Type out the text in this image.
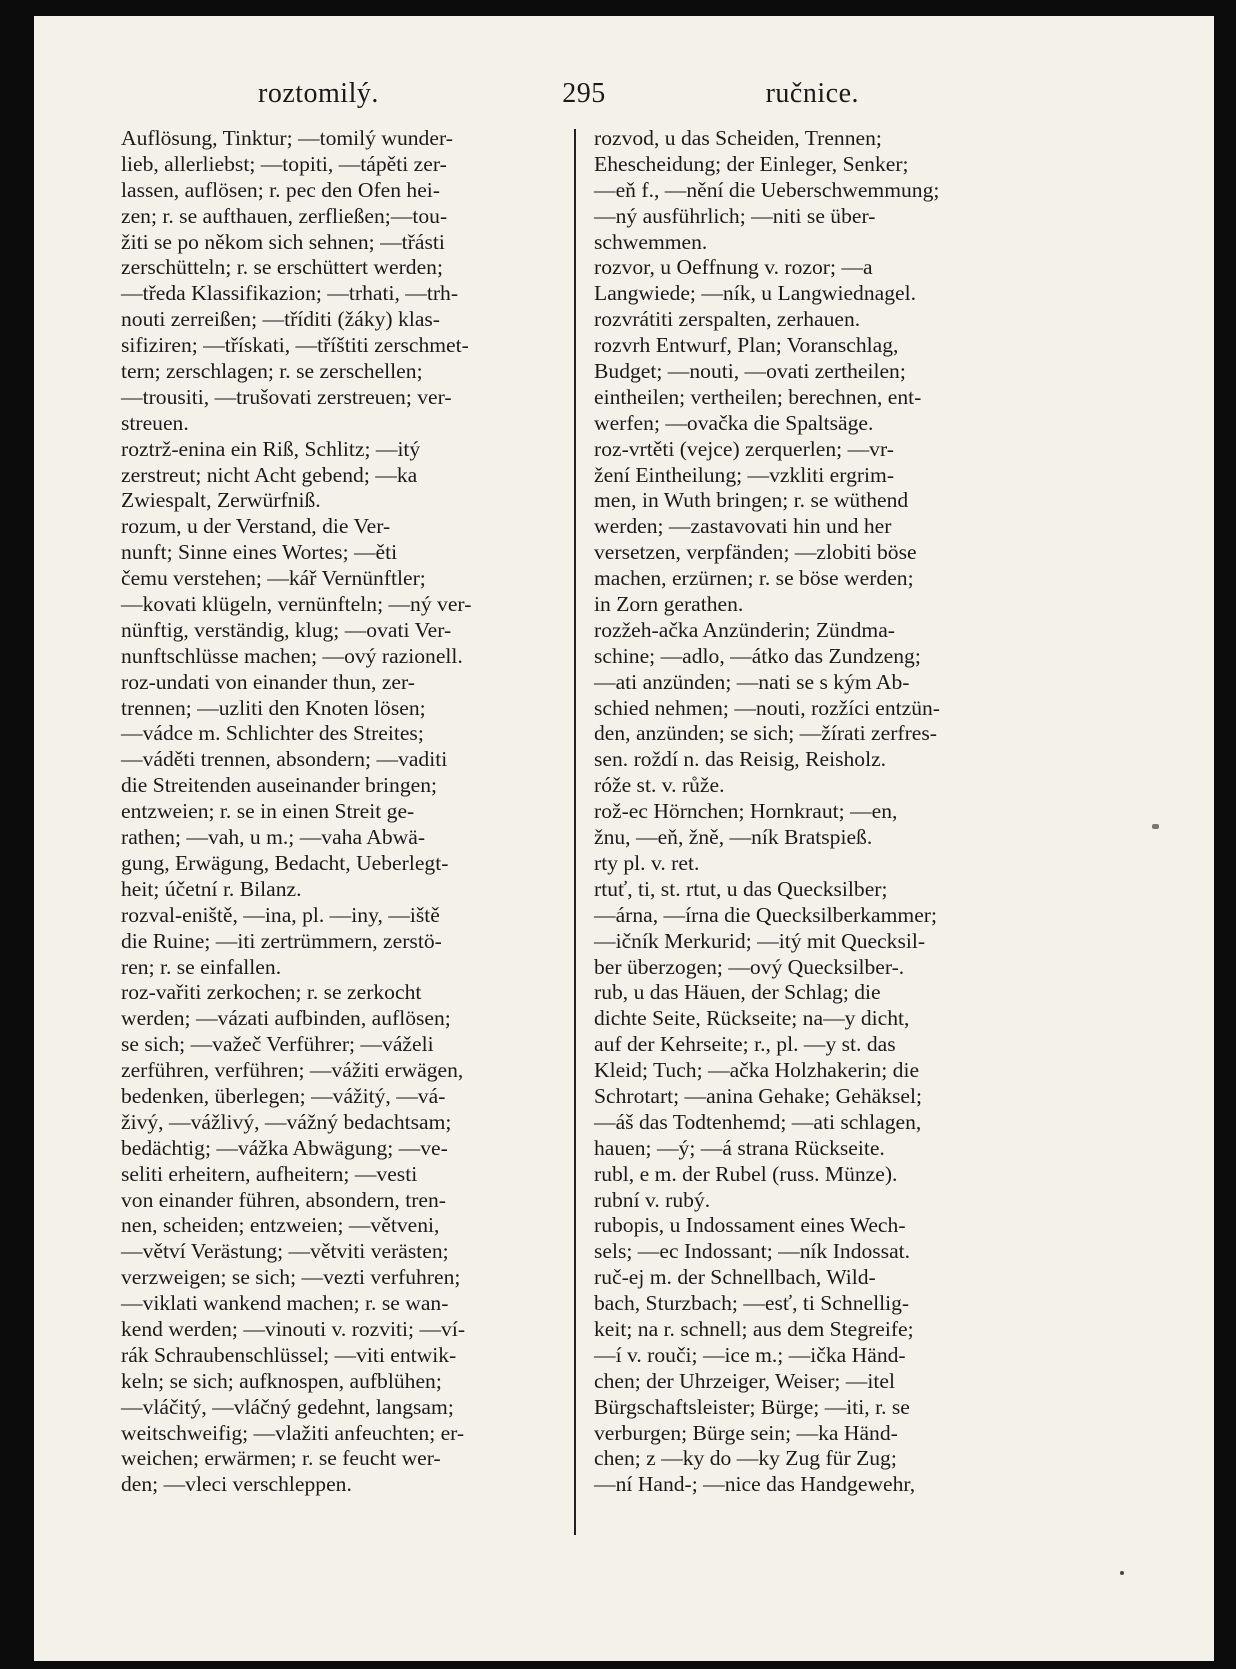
roztomilý.	295	ručnice.
Auflösung, Tinktur; —tomilý wunder-
lieb, allerliebst; —topiti, —tápěti zer-
lassen, auflösen; r. pec den Ofen hei-
zen; r. se aufthauen, zerfließen;—tou-
žiti se po někom sich sehnen; —třásti
zerschütteln; r. se erschüttert werden;
—tředa Klassifikazion; —trhati, —trh-
nouti zerreißen; —tříditi (žáky) klas-
sifiziren; —třískati, —tříštiti zerschmet-
tern; zerschlagen; r. se zerschellen;
—trousiti, —trušovati zerstreuen; ver-
streuen.
roztrž-enina ein Riß, Schlitz; —itý
zerstreut; nicht Acht gebend; —ka
Zwiespalt, Zerwürfniß.
rozum, u der Verstand, die Ver-
nunft; Sinne eines Wortes; —ěti
čemu verstehen; —kář Vernünftler;
—kovati klügeln, vernünfteln; —ný ver-
nünftig, verständig, klug; —ovati Ver-
nunftschlüsse machen; —ový razionell.
roz-undati von einander thun, zer-
trennen; —uzliti den Knoten lösen;
—vádce m. Schlichter des Streites;
—váděti trennen, absondern; —vaditi
die Streitenden auseinander bringen;
entzweien; r. se in einen Streit ge-
rathen; —vah, u m.; —vaha Abwä-
gung, Erwägung, Bedacht, Ueberlegt-
heit; účetní r. Bilanz.
rozval-eniště, —ina, pl. —iny, —iště
die Ruine; —iti zertrümmern, zerstö-
ren; r. se einfallen.
roz-vařiti zerkochen; r. se zerkocht
werden; —vázati aufbinden, auflösen;
se sich; —važeč Verführer; —váželi
zerführen, verführen; —vážiti erwägen,
bedenken, überlegen; —vážitý, —vá-
živý, —vážlivý, —vážný bedachtsam;
bedächtig; —vážka Abwägung; —ve-
seliti erheitern, aufheitern; —vesti
von einander führen, absondern, tren-
nen, scheiden; entzweien; —větveni,
—větví Verästung; —větviti verästen;
verzweigen; se sich; —vezti verfuhren;
—viklati wankend machen; r. se wan-
kend werden; —vinouti v. rozviti; —ví-
rák Schraubenschlüssel; —viti entwik-
keln; se sich; aufknospen, aufblühen;
—vláčitý, —vláčný gedehnt, langsam;
weitschweifig; —vlažiti anfeuchten; er-
weichen; erwärmen; r. se feucht wer-
den; —vleci verschleppen.
rozvod, u das Scheiden, Trennen;
Ehescheidung; der Einleger, Senker;
—eň f., —nění die Ueberschwemmung;
—ný ausführlich; —niti se über-
schwemmen.
rozvor, u Oeffnung v. rozor; —a
Langwiede; —ník, u Langwiednagel.
rozvrátiti zerspalten, zerhauen.
rozvrh Entwurf, Plan; Voranschlag,
Budget; —nouti, —ovati zertheilen;
eintheilen; vertheilen; berechnen, ent-
werfen; —ovačka die Spaltsäge.
roz-vrtěti (vejce) zerquerlen; —vr-
žení Eintheilung; —vzkliti ergrim-
men, in Wuth bringen; r. se wüthend
werden; —zastavovati hin und her
versetzen, verpfänden; —zlobiti böse
machen, erzürnen; r. se böse werden;
in Zorn gerathen.
rozžeh-ačka Anzünderin; Zündma-
schine; —adlo, —átko das Zundzeng;
—ati anzünden; —nati se s kým Ab-
schied nehmen; —nouti, rozžíci entzün-
den, anzünden; se sich; —žírati zerfres-
sen. roždí n. das Reisig, Reisholz.
róže st. v. růže.
rož-ec Hörnchen; Hornkraut; —en,
žnu, —eň, žně, —ník Bratspieß.
rty pl. v. ret.
rtuť, ti, st. rtut, u das Quecksilber;
—árna, —írna die Quecksilberkammer;
—ičník Merkurid; —itý mit Quecksil-
ber überzogen; —ový Quecksilber-.
rub, u das Häuen, der Schlag; die
dichte Seite, Rückseite; na—y dicht,
auf der Kehrseite; r., pl. —y st. das
Kleid; Tuch; —ačka Holzhakerin; die
Schrotart; —anina Gehake; Gehäksel;
—áš das Todtenhemd; —ati schlagen,
hauen; —ý; —á strana Rückseite.
rubl, e m. der Rubel (russ. Münze).
rubní v. rubý.
rubopis, u Indossament eines Wech-
sels; —ec Indossant; —ník Indossat.
ruč-ej m. der Schnellbach, Wild-
bach, Sturzbach; —esť, ti Schnellig-
keit; na r. schnell; aus dem Stegreife;
—í v. rouči; —ice m.; —ička Händ-
chen; der Uhrzeiger, Weiser; —itel
Bürgschaftsleister; Bürge; —iti, r. se
verburgen; Bürge sein; —ka Händ-
chen; z —ky do —ky Zug für Zug;
—ní Hand-; —nice das Handgewehr,
